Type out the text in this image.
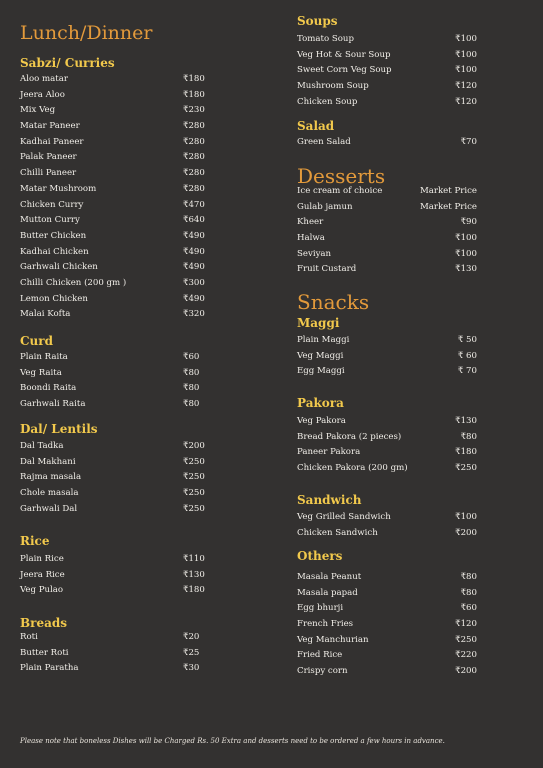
Lunch/Dinner
Sabzi/ Curries
Aloo matar	₹180
Jeera Aloo	₹180
Mix Veg	₹230
Matar Paneer	₹280
Kadhai Paneer	₹280
Palak Paneer	₹280
Chilli Paneer	₹280
Matar Mushroom	₹280
Chicken Curry	₹470
Mutton Curry	₹640
Butter Chicken	₹490
Kadhai Chicken	₹490
Garhwali Chicken	₹490
Chilli Chicken (200 gm )	₹300
Lemon Chicken	₹490
Malai Kofta	₹320
Curd
Plain Raita	₹60
Veg Raita	₹80
Boondi Raita	₹80
Garhwali Raita	₹80
Dal/ Lentils
Dal Tadka	₹200
Dal Makhani	₹250
Rajma masala	₹250
Chole masala	₹250
Garhwali Dal	₹250
Rice
Plain Rice	₹110
Jeera Rice	₹130
Veg Pulao	₹180
Breads
Roti	₹20
Butter Roti	₹25
Plain Paratha	₹30
Soups
Tomato Soup	₹100
Veg Hot & Sour Soup	₹100
Sweet Corn Veg Soup	₹100
Mushroom Soup	₹120
Chicken Soup	₹120
Salad
Green Salad	₹70
Desserts
Ice cream of choice	Market Price
Gulab jamun	Market Price
Kheer	₹90
Halwa	₹100
Seviyan	₹100
Fruit Custard	₹130
Snacks
Maggi
Plain Maggi	₹ 50
Veg Maggi	₹ 60
Egg Maggi	₹ 70
Pakora
Veg Pakora	₹130
Bread Pakora (2 pieces)	₹80
Paneer Pakora	₹180
Chicken Pakora (200 gm)	₹250
Sandwich
Veg Grilled Sandwich	₹100
Chicken Sandwich	₹200
Others
Masala Peanut	₹80
Masala papad	₹80
Egg bhurji	₹60
French Fries	₹120
Veg Manchurian	₹250
Fried Rice	₹220
Crispy corn	₹200
Please note that boneless Dishes will be Charged Rs. 50 Extra and desserts need to be ordered a few hours in advance.
